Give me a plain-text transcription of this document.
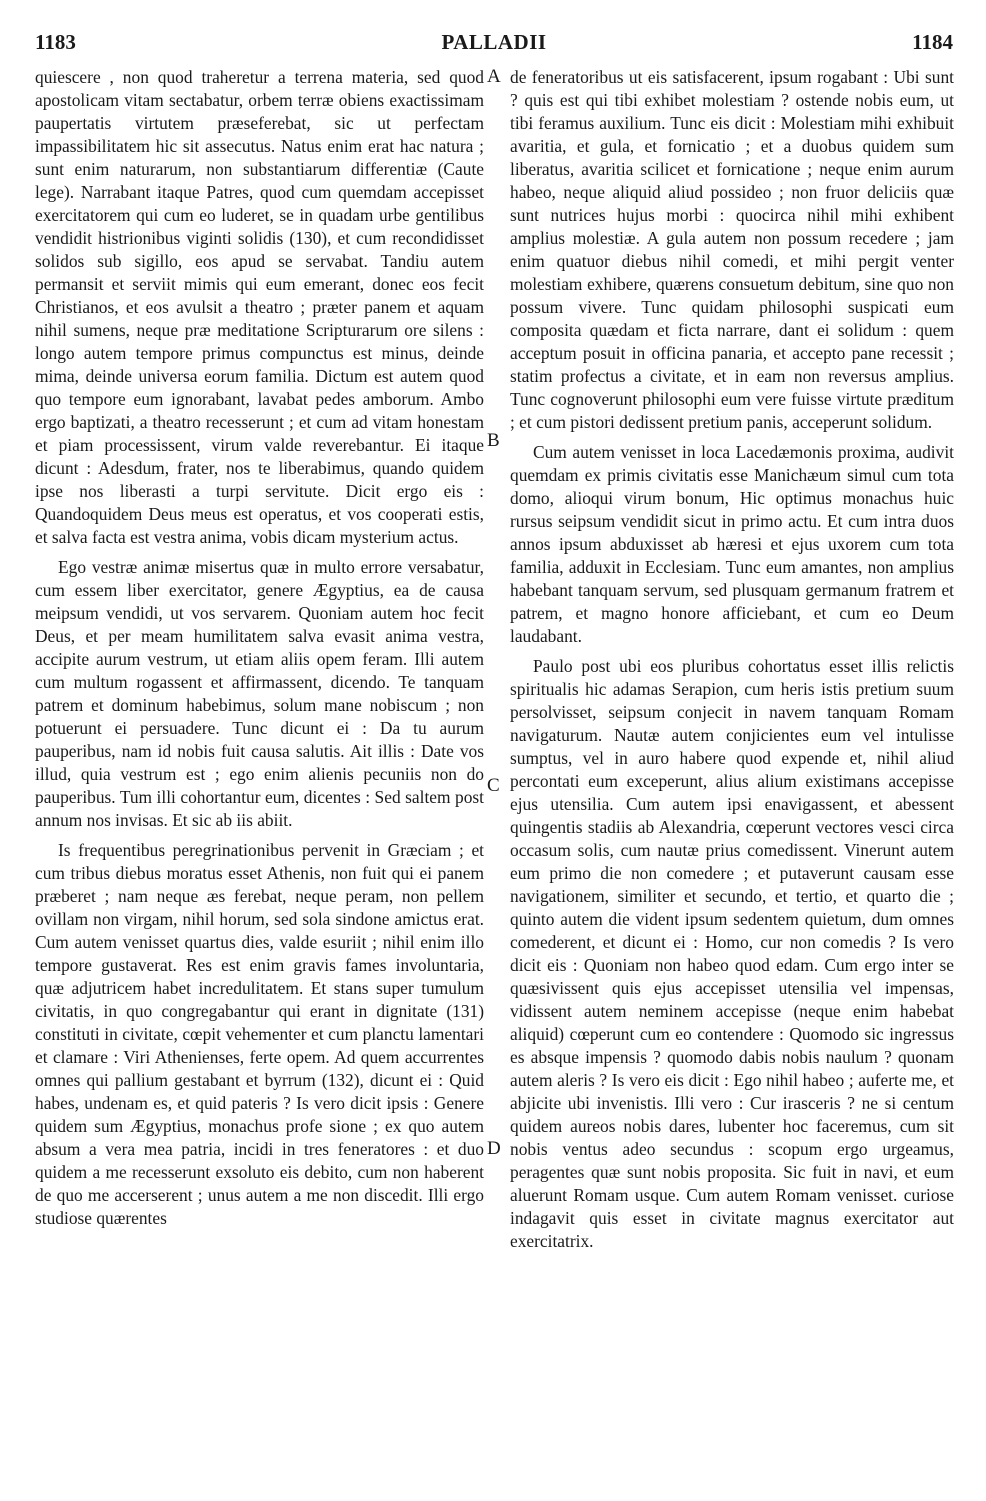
1183	PALLADII	1184

quiescere , non quod traheretur a terrena materia, sed quod apostolicam vitam sectabatur, orbem terræ obiens exactissimam paupertatis virtutem præseferebat, sic ut perfectam impassibilitatem hic sit assecutus. Natus enim erat hac natura ; sunt enim naturarum, non substantiarum differentiæ (Caute lege). Narrabant itaque Patres, quod cum quemdam accepisset exercitatorem qui cum eo luderet, se in quadam urbe gentilibus vendidit histrionibus viginti solidis (130), et cum recondidisset solidos sub sigillo, eos apud se servabat. Tandiu autem permansit et serviit mimis qui eum emerant, donec eos fecit Christianos, et eos avulsit a theatro ; præter panem et aquam nihil sumens, neque præ meditatione Scripturarum ore silens : longo autem tempore primus compunctus est minus, deinde mima, deinde universa eorum familia. Dictum est autem quod quo tempore eum ignorabant, lavabat pedes amborum. Ambo ergo baptizati, a theatro recesserunt ; et cum ad vitam honestam et piam processissent, virum valde reverebantur. Ei itaque dicunt : Adesdum, frater, nos te liberabimus, quando quidem ipse nos liberasti a turpi servitute. Dicit ergo eis : Quandoquidem Deus meus est operatus, et vos cooperati estis, et salva facta est vestra anima, vobis dicam mysterium actus.

Ego vestræ animæ misertus quæ in multo errore versabatur, cum essem liber exercitator, genere Ægyptius, ea de causa meipsum vendidi, ut vos servarem. Quoniam autem hoc fecit Deus, et per meam humilitatem salva evasit anima vestra, accipite aurum vestrum, ut etiam aliis opem feram. Illi autem cum multum rogassent et affirmassent, dicendo. Te tanquam patrem et dominum habebimus, solum mane nobiscum ; non potuerunt ei persuadere. Tunc dicunt ei : Da tu aurum pauperibus, nam id nobis fuit causa salutis. Ait illis : Date vos illud, quia vestrum est ; ego enim alienis pecuniis non do pauperibus. Tum illi cohortantur eum, dicentes : Sed saltem post annum nos invisas. Et sic ab iis abiit.

Is frequentibus peregrinationibus pervenit in Græciam ; et cum tribus diebus moratus esset Athenis, non fuit qui ei panem præberet ; nam neque æs ferebat, neque peram, non pellem ovillam non virgam, nihil horum, sed sola sindone amictus erat. Cum autem venisset quartus dies, valde esuriit ; nihil enim illo tempore gustaverat. Res est enim gravis fames involuntaria, quæ adjutricem habet incredulitatem. Et stans super tumulum civitatis, in quo congregabantur qui erant in dignitate (131) constituti in civitate, cœpit vehementer et cum planctu lamentari et clamare : Viri Athenienses, ferte opem. Ad quem accurrentes omnes qui pallium gestabant et byrrum (132), dicunt ei : Quid habes, undenam es, et quid pateris ? Is vero dicit ipsis : Genere quidem sum Ægyptius, monachus profe sione ; ex quo autem absum a vera mea patria, incidi in tres feneratores : et duo quidem a me recesserunt exsoluto eis debito, cum non haberent de quo me accerserent ; unus autem a me non discedit. Illi ergo studiose quærentes

A
B
C
D

de feneratoribus ut eis satisfacerent, ipsum rogabant : Ubi sunt ? quis est qui tibi exhibet molestiam ? ostende nobis eum, ut tibi feramus auxilium. Tunc eis dicit : Molestiam mihi exhibuit avaritia, et gula, et fornicatio ; et a duobus quidem sum liberatus, avaritia scilicet et fornicatione ; neque enim aurum habeo, neque aliquid aliud possideo ; non fruor deliciis quæ sunt nutrices hujus morbi : quocirca nihil mihi exhibent amplius molestiæ. A gula autem non possum recedere ; jam enim quatuor diebus nihil comedi, et mihi pergit venter molestiam exhibere, quærens consuetum debitum, sine quo non possum vivere. Tunc quidam philosophi suspicati eum composita quædam et ficta narrare, dant ei solidum : quem acceptum posuit in officina panaria, et accepto pane recessit ; statim profectus a civitate, et in eam non reversus amplius. Tunc cognoverunt philosophi eum vere fuisse virtute præditum ; et cum pistori dedissent pretium panis, acceperunt solidum.

Cum autem venisset in loca Lacedæmonis proxima, audivit quemdam ex primis civitatis esse Manichæum simul cum tota domo, alioqui virum bonum, Hic optimus monachus huic rursus seipsum vendidit sicut in primo actu. Et cum intra duos annos ipsum abduxisset ab hæresi et ejus uxorem cum tota familia, adduxit in Ecclesiam. Tunc eum amantes, non amplius habebant tanquam servum, sed plusquam germanum fratrem et patrem, et magno honore afficiebant, et cum eo Deum laudabant.

Paulo post ubi eos pluribus cohortatus esset illis relictis spiritualis hic adamas Serapion, cum heris istis pretium suum persolvisset, seipsum conjecit in navem tanquam Romam navigaturum. Nautæ autem conjicientes eum vel intulisse sumptus, vel in auro habere quod expende et, nihil aliud percontati eum exceperunt, alius alium existimans accepisse ejus utensilia. Cum autem ipsi enavigassent, et abessent quingentis stadiis ab Alexandria, cœperunt vectores vesci circa occasum solis, cum nautæ prius comedissent. Vinerunt autem eum primo die non comedere ; et putaverunt causam esse navigationem, similiter et secundo, et tertio, et quarto die ; quinto autem die vident ipsum sedentem quietum, dum omnes comederent, et dicunt ei : Homo, cur non comedis ? Is vero dicit eis : Quoniam non habeo quod edam. Cum ergo inter se quæsivissent quis ejus accepisset utensilia vel impensas, vidissent autem neminem accepisse (neque enim habebat aliquid) cœperunt cum eo contendere : Quomodo sic ingressus es absque impensis ? quomodo dabis nobis naulum ? quonam autem aleris ? Is vero eis dicit : Ego nihil habeo ; auferte me, et abjicite ubi invenistis. Illi vero : Cur irasceris ? ne si centum quidem aureos nobis dares, lubenter hoc faceremus, cum sit nobis ventus adeo secundus : scopum ergo urgeamus, peragentes quæ sunt nobis proposita. Sic fuit in navi, et eum aluerunt Romam usque. Cum autem Romam venisset. curiose indagavit quis esset in civitate magnus exercitator aut exercitatrix.
